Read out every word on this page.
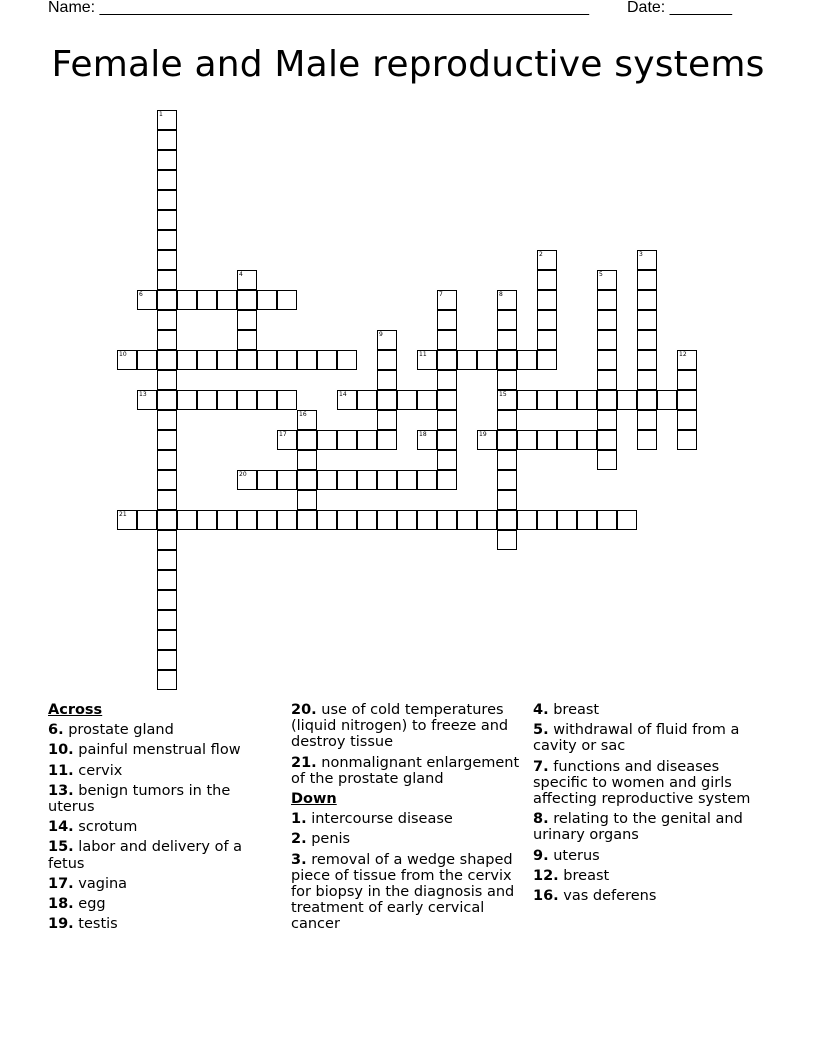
Name: _______________________________________________________ Date: _______
Female and Male reproductive systems
1
2	3
4	5
6	7	8
15
9
10	11	12
13	14
16
17	18	19
20
21
Across
6. prostate gland
10. painful menstrual flow
11. cervix
13. benign tumors in the uterus
14. scrotum
15. labor and delivery of a fetus
17. vagina
18. egg
19. testis
20. use of cold temperatures (liquid nitrogen) to freeze and destroy tissue
21. nonmalignant enlargement of the prostate gland
Down
1. intercourse disease
2. penis
3. removal of a wedge shaped piece of tissue from the cervix for biopsy in the diagnosis and treatment of early cervical cancer
4. breast
5. withdrawal of fluid from a cavity or sac
7. functions and diseases specific to women and girls affecting reproductive system
8. relating to the genital and urinary organs
9. uterus
12. breast
16. vas deferens
